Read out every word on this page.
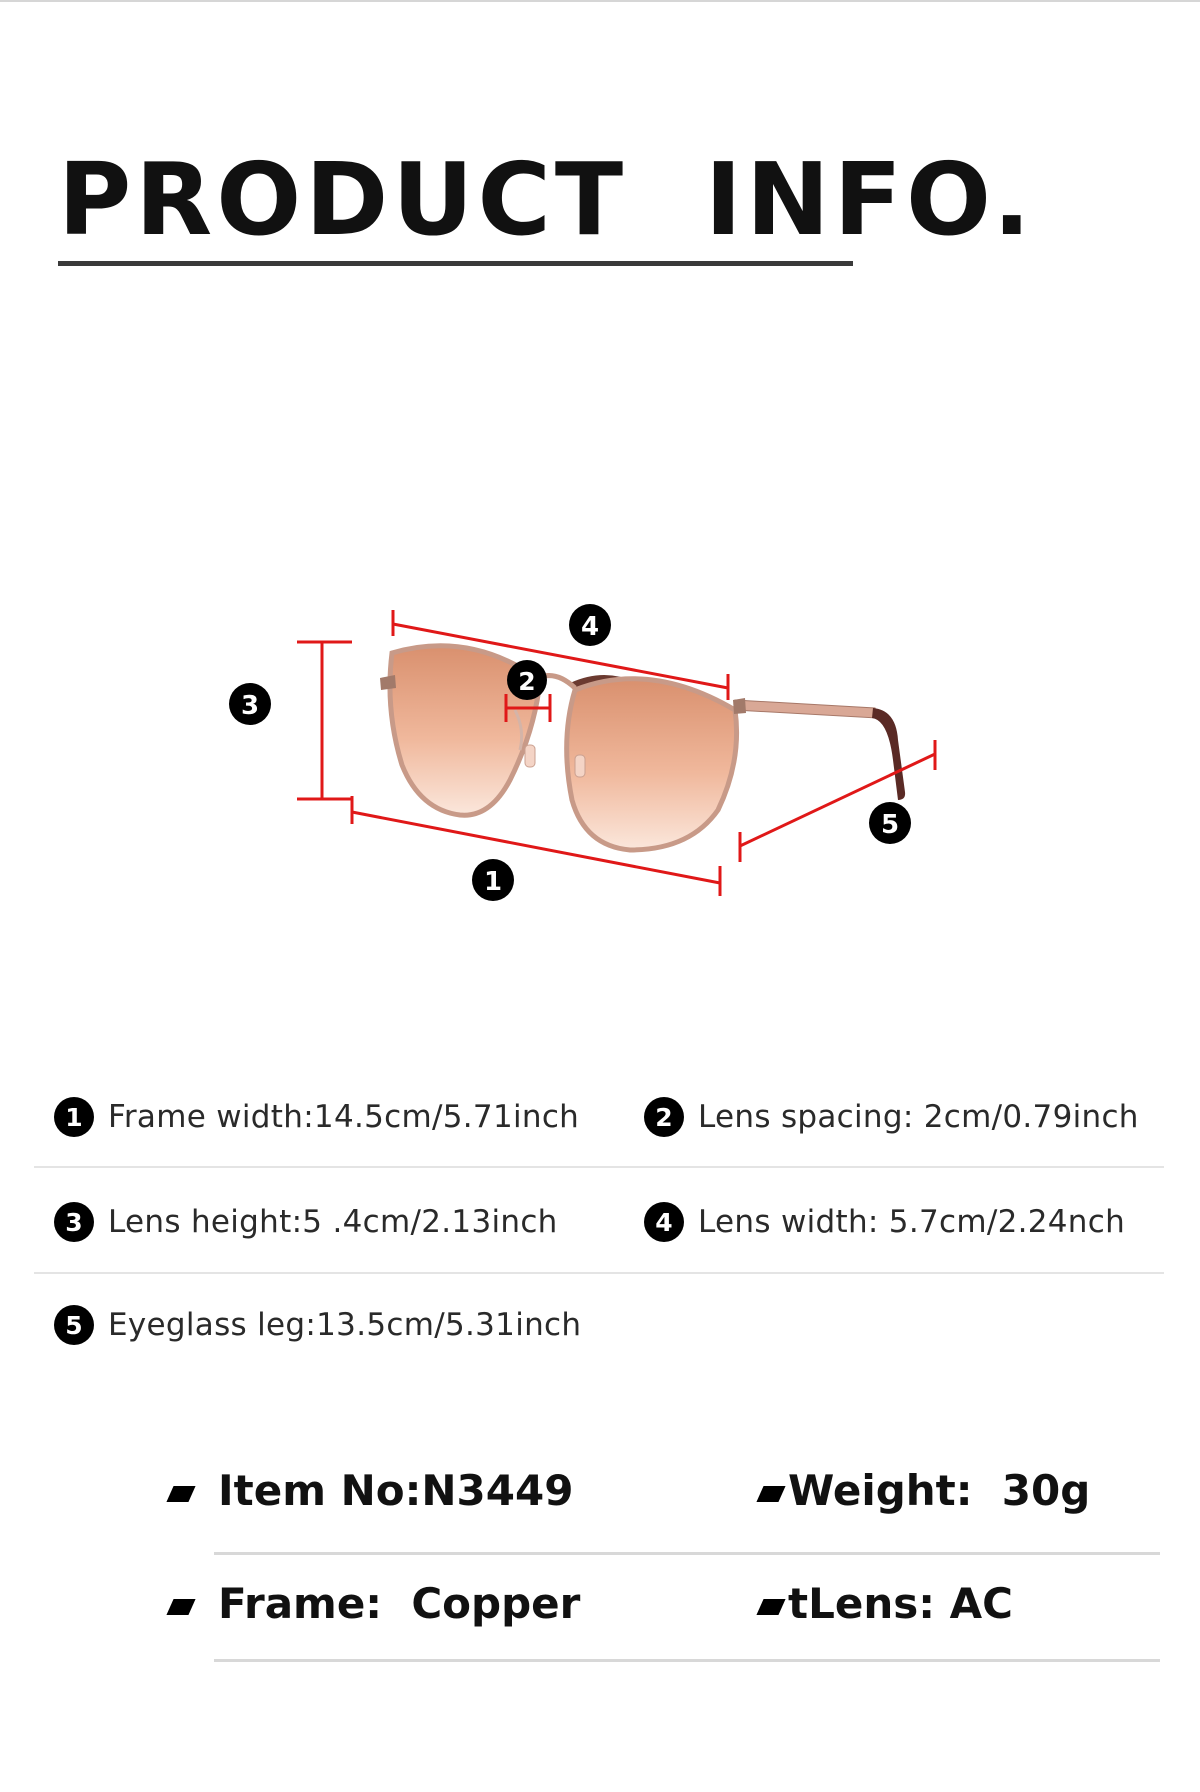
PRODUCT  INFO.
4
2
3
1
5
1 Frame width:14.5cm/5.71inch	2 Lens spacing: 2cm/0.79inch
3 Lens height:5 .4cm/2.13inch	4 Lens width: 5.7cm/2.24nch
5 Eyeglass leg:13.5cm/5.31inch
Item No:N3449	Weight:  30g
Frame:  Copper	tLens: AC
